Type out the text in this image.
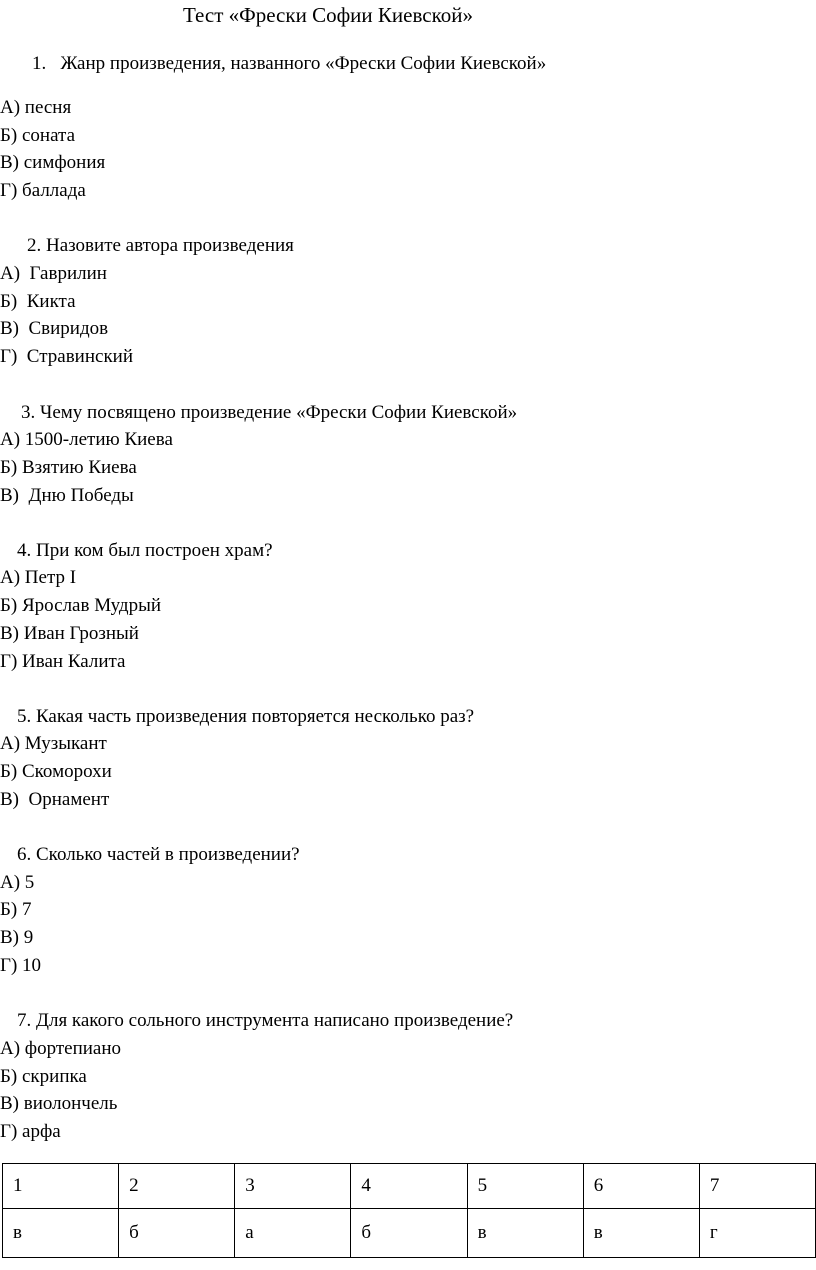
Тест «Фрески Софии Киевской»
1.   Жанр произведения, названного «Фрески Софии Киевской»
А) песня
Б) соната
В) симфония
Г) баллада
2. Назовите автора произведения
А)  Гаврилин
Б)  Кикта
В)  Свиридов
Г)  Стравинский
3. Чему посвящено произведение «Фрески Софии Киевской»
А) 1500-летию Киева
Б) Взятию Киева
В)  Дню Победы
4. При ком был построен храм?
А) Петр I
Б) Ярослав Мудрый
В) Иван Грозный
Г) Иван Калита
5. Какая часть произведения повторяется несколько раз?
А) Музыкант
Б) Скоморохи
В)  Орнамент
6. Сколько частей в произведении?
А) 5
Б) 7
В) 9
Г) 10
7. Для какого сольного инструмента написано произведение?
А) фортепиано
Б) скрипка
В) виолончель
Г) арфа
1	2	3	4	5	6	7
в	б	а	б	в	в	г
